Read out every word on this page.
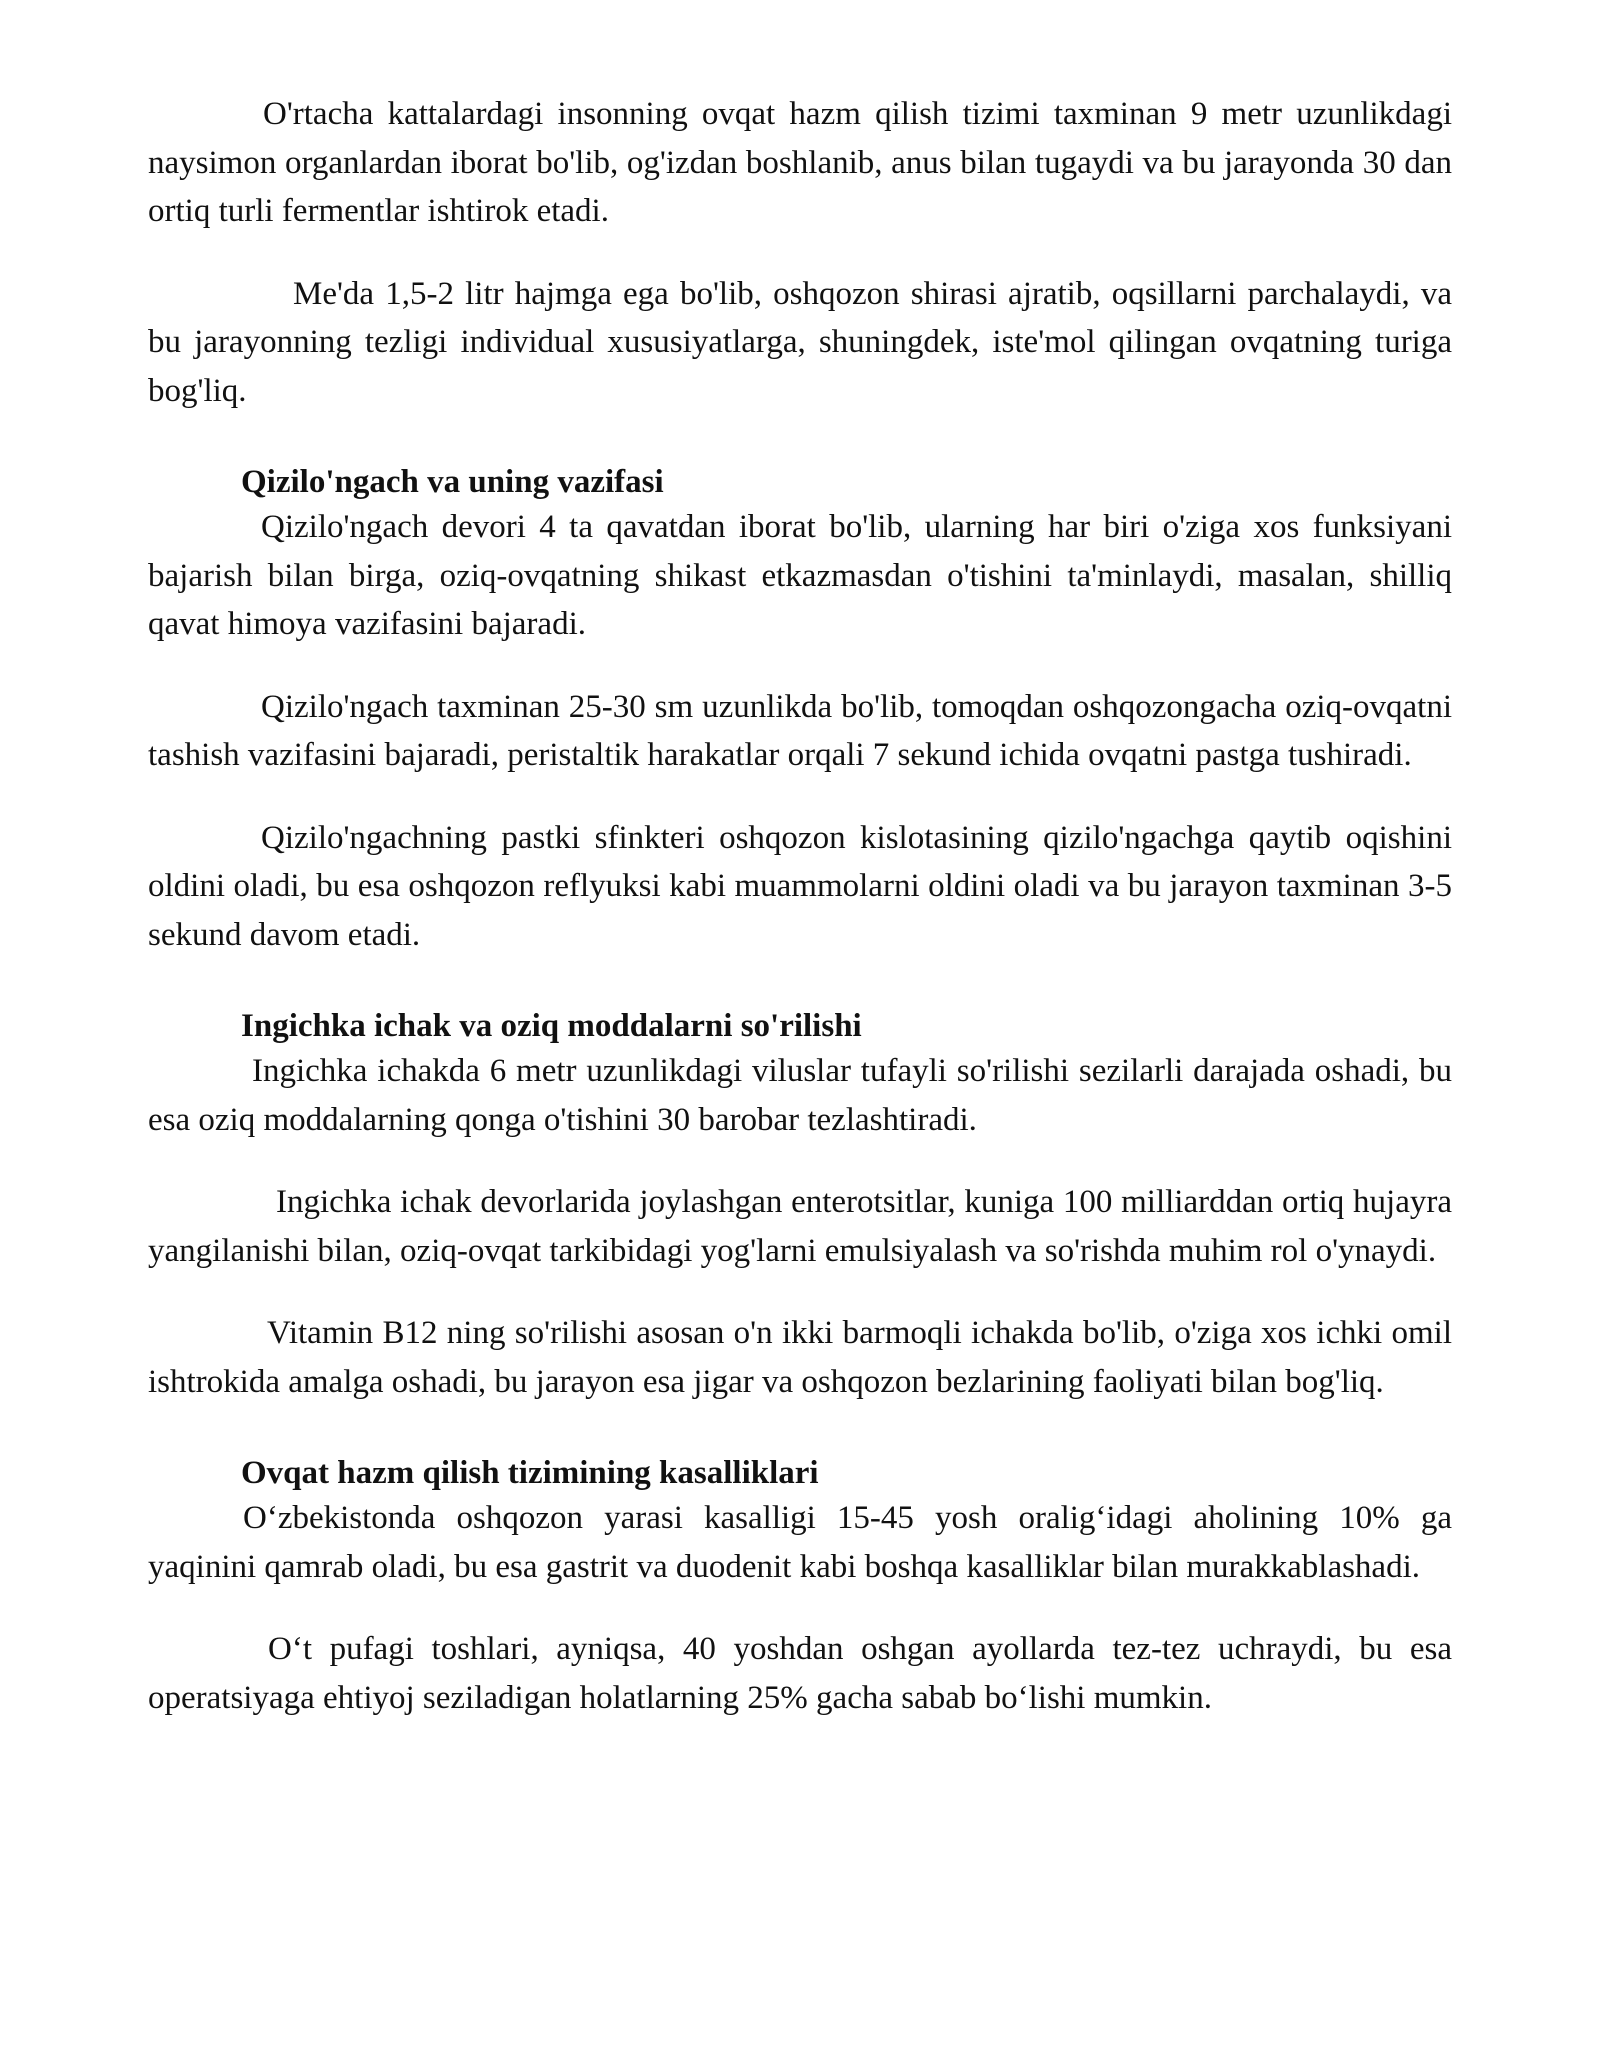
O'rtacha kattalardagi insonning ovqat hazm qilish tizimi taxminan 9 metr uzunlikdagi naysimon organlardan iborat bo'lib, og'izdan boshlanib, anus bilan tugaydi va bu jarayonda 30 dan ortiq turli fermentlar ishtirok etadi.

Me'da 1,5-2 litr hajmga ega bo'lib, oshqozon shirasi ajratib, oqsillarni parchalaydi, va bu jarayonning tezligi individual xususiyatlarga, shuningdek, iste'mol qilingan ovqatning turiga bog'liq.

Qizilo'ngach va uning vazifasi

Qizilo'ngach devori 4 ta qavatdan iborat bo'lib, ularning har biri o'ziga xos funksiyani bajarish bilan birga, oziq-ovqatning shikast etkazmasdan o'tishini ta'minlaydi, masalan, shilliq qavat himoya vazifasini bajaradi.

Qizilo'ngach taxminan 25-30 sm uzunlikda bo'lib, tomoqdan oshqozongacha oziq-ovqatni tashish vazifasini bajaradi, peristaltik harakatlar orqali 7 sekund ichida ovqatni pastga tushiradi.

Qizilo'ngachning pastki sfinkteri oshqozon kislotasining qizilo'ngachga qaytib oqishini oldini oladi, bu esa oshqozon reflyuksi kabi muammolarni oldini oladi va bu jarayon taxminan 3-5 sekund davom etadi.

Ingichka ichak va oziq moddalarni so'rilishi

Ingichka ichakda 6 metr uzunlikdagi viluslar tufayli so'rilishi sezilarli darajada oshadi, bu esa oziq moddalarning qonga o'tishini 30 barobar tezlashtiradi.

Ingichka ichak devorlarida joylashgan enterotsitlar, kuniga 100 milliarddan ortiq hujayra yangilanishi bilan, oziq-ovqat tarkibidagi yog'larni emulsiyalash va so'rishda muhim rol o'ynaydi.

Vitamin B12 ning so'rilishi asosan o'n ikki barmoqli ichakda bo'lib, o'ziga xos ichki omil ishtrokida amalga oshadi, bu jarayon esa jigar va oshqozon bezlarining faoliyati bilan bog'liq.

Ovqat hazm qilish tizimining kasalliklari

O‘zbekistonda oshqozon yarasi kasalligi 15-45 yosh oralig‘idagi aholining 10% ga yaqinini qamrab oladi, bu esa gastrit va duodenit kabi boshqa kasalliklar bilan murakkablashadi.

O‘t pufagi toshlari, ayniqsa, 40 yoshdan oshgan ayollarda tez-tez uchraydi, bu esa operatsiyaga ehtiyoj seziladigan holatlarning 25% gacha sabab bo‘lishi mumkin.
